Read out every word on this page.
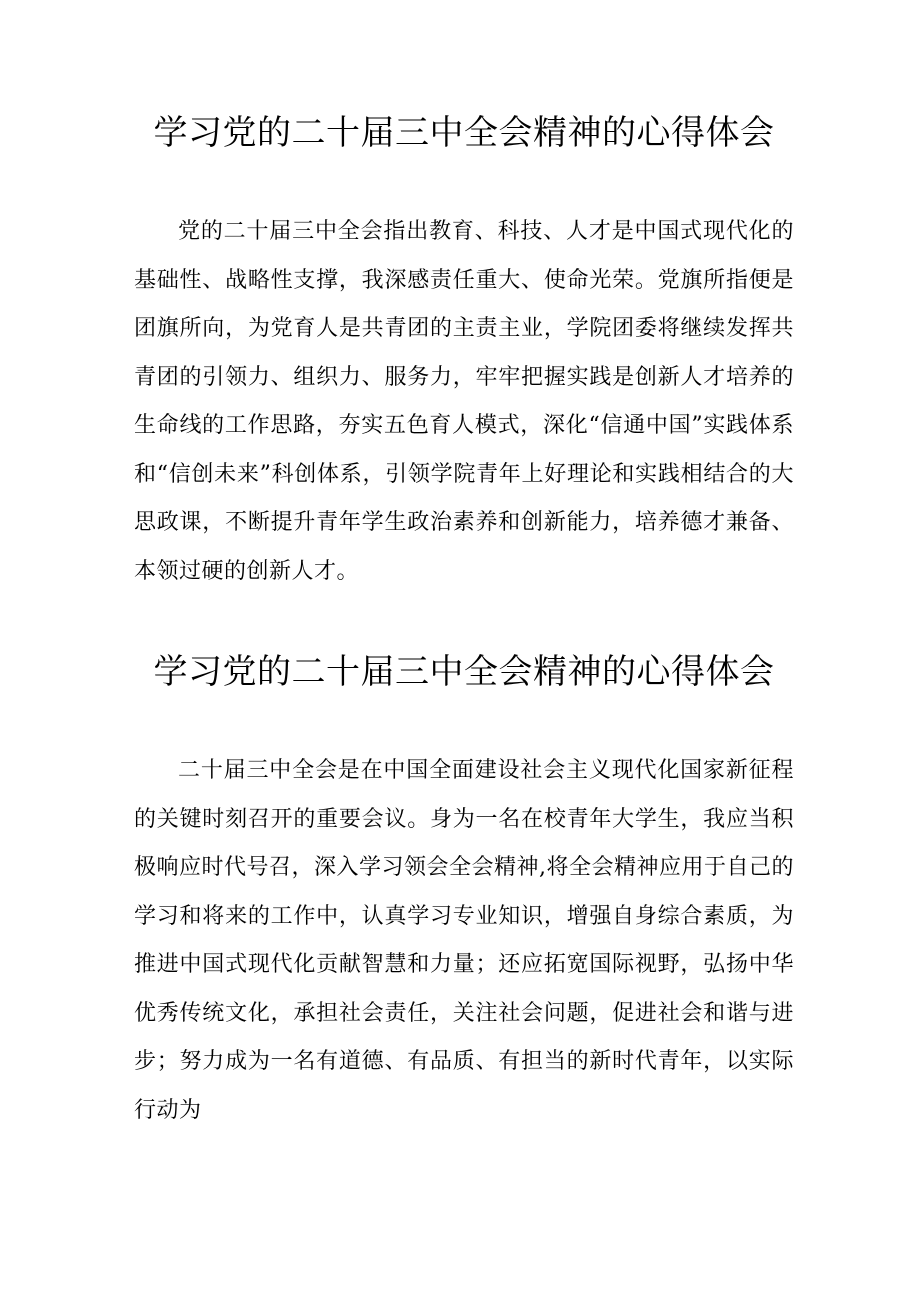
学习党的二十届三中全会精神的心得体会

党的二十届三中全会指出教育、科技、人才是中国式现代化的基础性、战略性支撑，我深感责任重大、使命光荣。党旗所指便是团旗所向，为党育人是共青团的主责主业，学院团委将继续发挥共青团的引领力、组织力、服务力，牢牢把握实践是创新人才培养的生命线的工作思路，夯实五色育人模式，深化“信通中国”实践体系和“信创未来”科创体系，引领学院青年上好理论和实践相结合的大思政课，不断提升青年学生政治素养和创新能力，培养德才兼备、本领过硬的创新人才。

学习党的二十届三中全会精神的心得体会

二十届三中全会是在中国全面建设社会主义现代化国家新征程的关键时刻召开的重要会议。身为一名在校青年大学生，我应当积极响应时代号召，深入学习领会全会精神,将全会精神应用于自己的学习和将来的工作中，认真学习专业知识，增强自身综合素质，为推进中国式现代化贡献智慧和力量；还应拓宽国际视野，弘扬中华优秀传统文化，承担社会责任，关注社会问题，促进社会和谐与进步；努力成为一名有道德、有品质、有担当的新时代青年，以实际行动为
